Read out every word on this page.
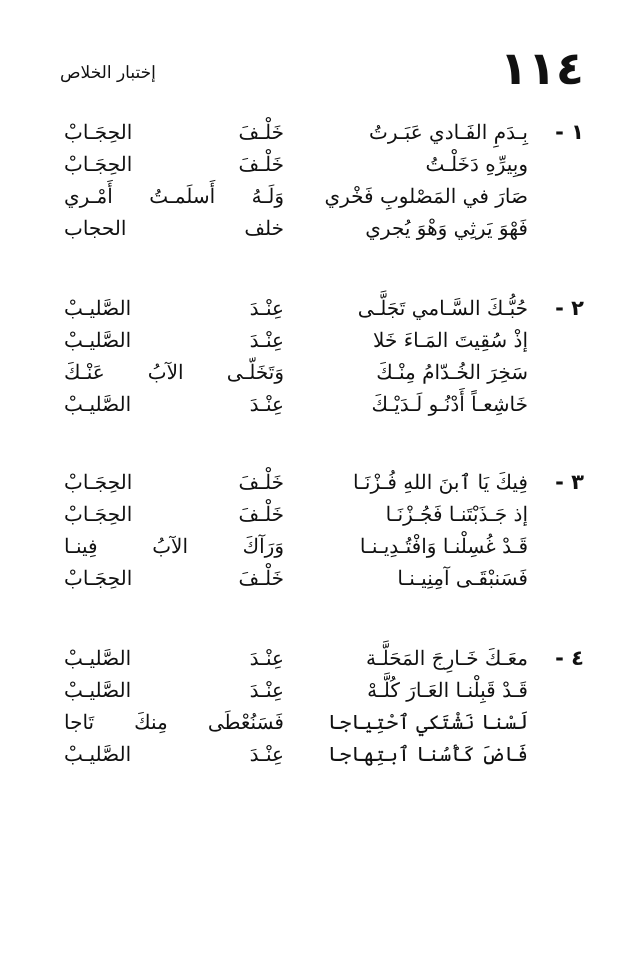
١١٤
إختبار الخلاص
١ -
بِـدَمِ الفَـادي عَبَـرتُ
خَلْـفَ الحِجَـابْ
وبِيرِّهِ دَخَلْـتُ
خَلْـفَ الحِجَـابْ
صَارَ في المَصْلوبِ فَخْري
وَلَـهُ أَسلَمـتُ أَمْـري
فَهْوَ يَرثِي وَهْوَ يُجري
خلف الحجاب
٢ -
حُبُّـكَ السَّـامي تَجَلَّـى
عِنْـدَ الصَّليـبْ
إذْ سُقِيتَ المَـاءَ خَلا
عِنْـدَ الصَّليـبْ
سَخِرَ الخُـدّامُ مِنْـكَ
وَتَخَلّـى الآبُ عَنْـكَ
خَاشِعـاً أَدْنُـو لَـدَيْـكَ
عِنْـدَ الصَّليـبْ
٣ -
فِيكَ يَا ٱبنَ اللهِ فُـزْنَـا
خَلْـفَ الحِجَـابْ
إذ جَـذَبْتَنـا فَجُـزْنَـا
خَلْـفَ الحِجَـابْ
قَـدْ غُسِلْنـا وَافْتُـدِيـنـا
وَرَآكَ الآبُ فِينـا
فَسَنبْقَـى آمِنِيـنـا
خَلْـفَ الحِجَـابْ
٤ -
معَـكَ خَـارِجَ المَحَلَّـة
عِنْـدَ الصَّليـبْ
قَـدْ قَبِلْنـا العَـارَ كُلَّـهْ
عِنْـدَ الصَّليـبْ
لَسْنا نَشْتَكي ٱحْتِياجا
فَسَنُعْطَى مِنكَ تَاجا
فَاضَ كَأْسُنا ٱبتِهاجا
عِنْـدَ الصَّليـبْ
